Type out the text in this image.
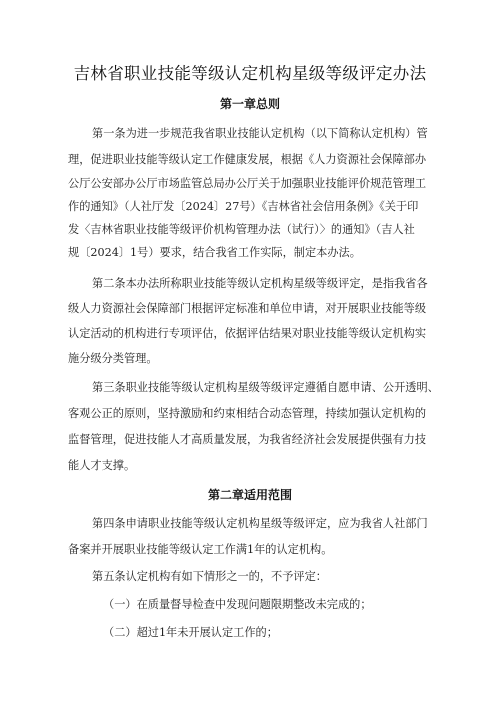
吉林省职业技能等级认定机构星级等级评定办法
第一章总则
第一条为进一步规范我省职业技能认定机构（以下简称认定机构）管
理，促进职业技能等级认定工作健康发展，根据《人力资源社会保障部办
公厅公安部办公厅市场监管总局办公厅关于加强职业技能评价规范管理工
作的通知》（人社厅发〔2024〕27号）《吉林省社会信用条例》《关于印
发〈吉林省职业技能等级评价机构管理办法（试行）〉的通知》（吉人社
规〔2024〕1号）要求，结合我省工作实际，制定本办法。
第二条本办法所称职业技能等级认定机构星级等级评定，是指我省各
级人力资源社会保障部门根据评定标准和单位申请，对开展职业技能等级
认定活动的机构进行专项评估，依据评估结果对职业技能等级认定机构实
施分级分类管理。
第三条职业技能等级认定机构星级等级评定遵循自愿申请、公开透明、
客观公正的原则，坚持激励和约束相结合动态管理，持续加强认定机构的
监督管理，促进技能人才高质量发展，为我省经济社会发展提供强有力技
能人才支撑。
第二章适用范围
第四条申请职业技能等级认定机构星级等级评定，应为我省人社部门
备案并开展职业技能等级认定工作满1年的认定机构。
第五条认定机构有如下情形之一的，不予评定：
（一）在质量督导检查中发现问题限期整改未完成的；
（二）超过1年未开展认定工作的；
